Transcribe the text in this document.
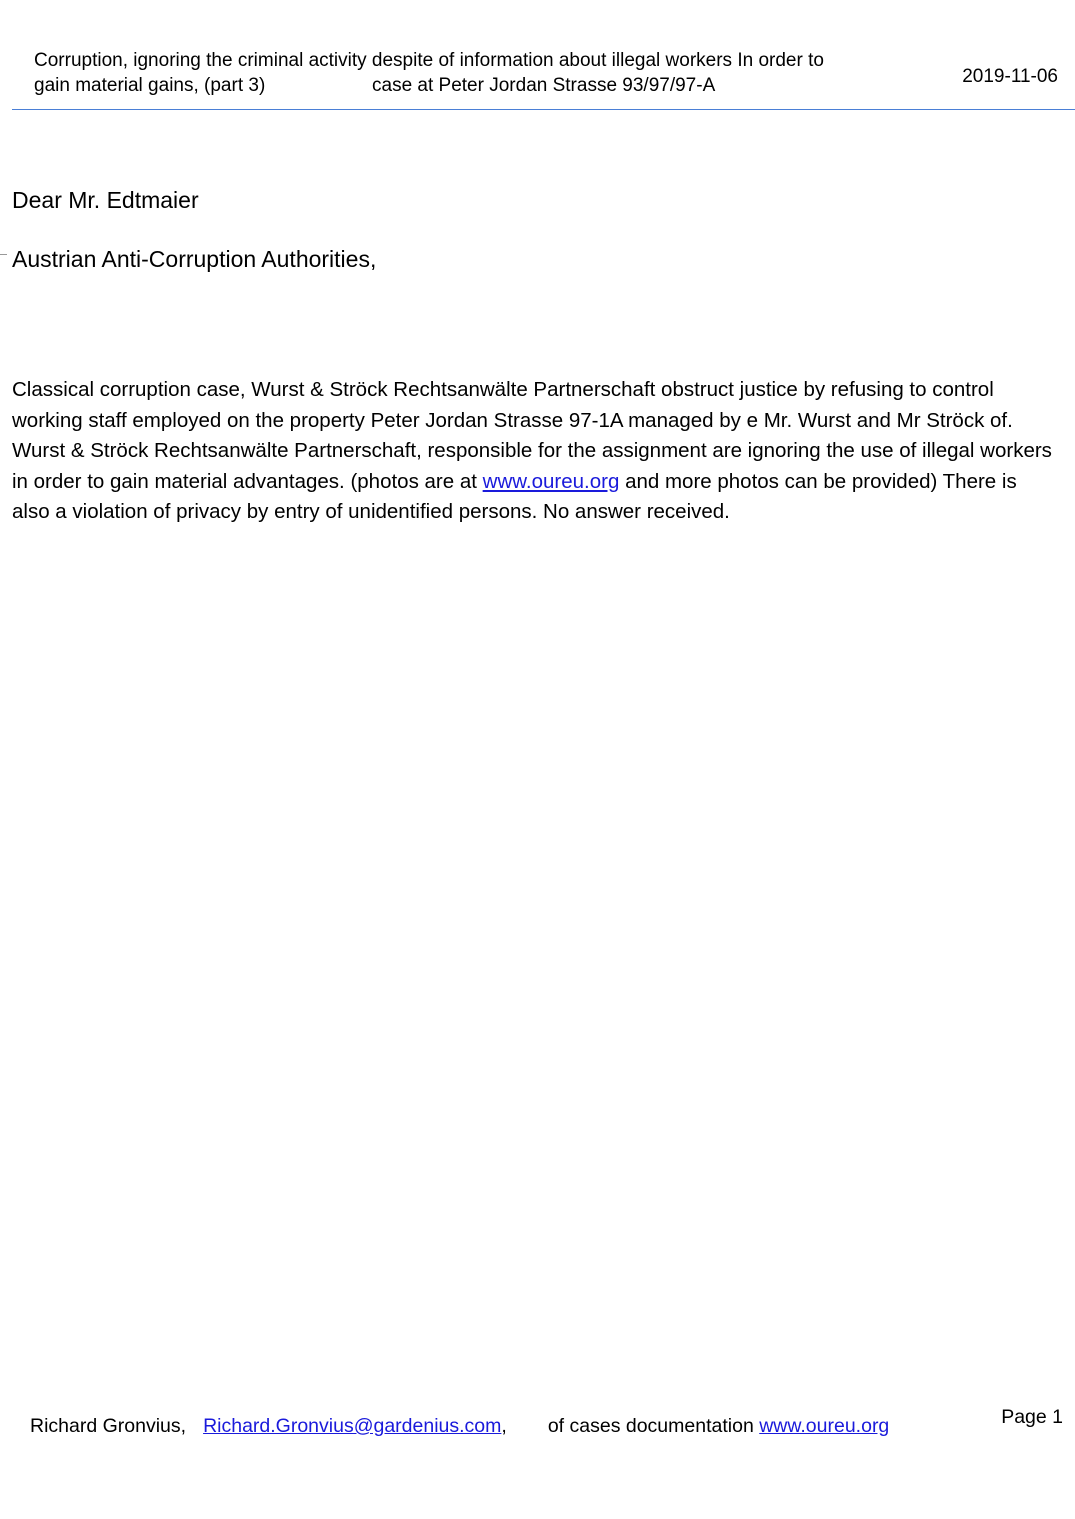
Corruption, ignoring the criminal activity despite of information about illegal workers In order to
gain material gains, (part 3)	case at Peter Jordan Strasse 93/97/97-A	2019-11-06
Dear Mr. Edtmaier
Austrian Anti-Corruption Authorities,
Classical corruption case, Wurst & Ströck Rechtsanwälte Partnerschaft obstruct justice by refusing to control working staff employed on the property Peter Jordan Strasse 97-1A managed by e Mr. Wurst and Mr Ströck of. Wurst & Ströck Rechtsanwälte Partnerschaft, responsible for the assignment are ignoring the use of illegal workers in order to gain material advantages. (photos are at www.oureu.org and more photos can be provided) There is also a violation of privacy by entry of unidentified persons. No answer received.
Richard Gronvius, Richard.Gronvius@gardenius.com, of cases documentation www.oureu.org	Page 1
